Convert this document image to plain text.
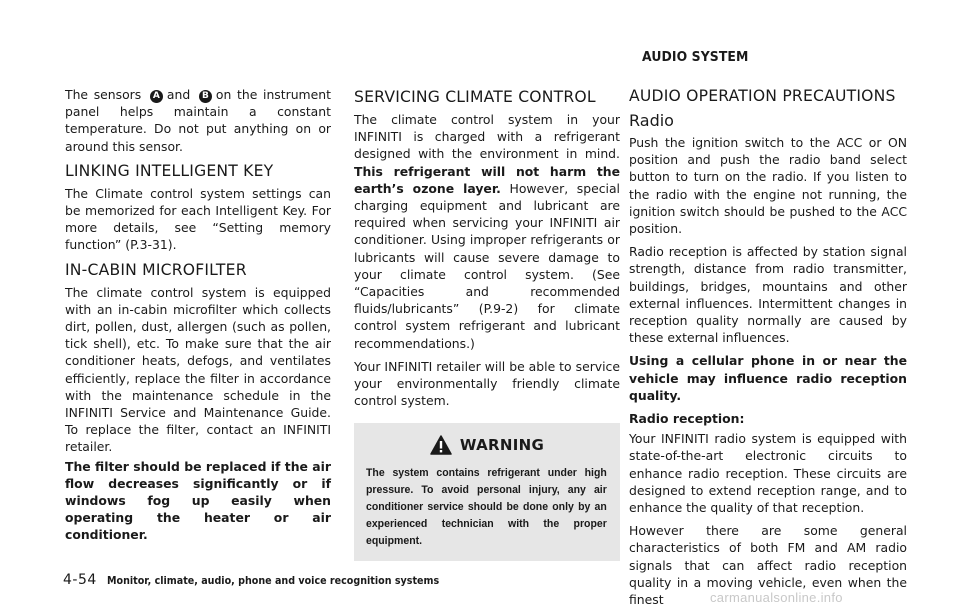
AUDIO SYSTEM

The sensors A and B on the instrument panel helps maintain a constant temperature. Do not put anything on or around this sensor.

LINKING INTELLIGENT KEY

The Climate control system settings can be memorized for each Intelligent Key. For more details, see “Setting memory function” (P.3-31).

IN-CABIN MICROFILTER

The climate control system is equipped with an in-cabin microfilter which collects dirt, pollen, dust, allergen (such as pollen, tick shell), etc. To make sure that the air conditioner heats, defogs, and ventilates efficiently, replace the filter in accordance with the maintenance schedule in the INFINITI Service and Maintenance Guide. To replace the filter, contact an INFINITI retailer.

The filter should be replaced if the air flow decreases significantly or if windows fog up easily when operating the heater or air conditioner.

SERVICING CLIMATE CONTROL

The climate control system in your INFINITI is charged with a refrigerant designed with the environment in mind. This refrigerant will not harm the earth’s ozone layer. However, special charging equipment and lubricant are required when servicing your INFINITI air conditioner. Using improper refrigerants or lubricants will cause severe damage to your climate control system. (See “Capacities and recommended fluids/lubricants” (P.9-2) for climate control system refrigerant and lubricant recommendations.)

Your INFINITI retailer will be able to service your environmentally friendly climate control system.

WARNING
The system contains refrigerant under high pressure. To avoid personal injury, any air conditioner service should be done only by an experienced technician with the proper equipment.
AUDIO OPERATION PRECAUTIONS
Radio

Push the ignition switch to the ACC or ON position and push the radio band select button to turn on the radio. If you listen to the radio with the engine not running, the ignition switch should be pushed to the ACC position.

Radio reception is affected by station signal strength, distance from radio transmitter, buildings, bridges, mountains and other external influences. Intermittent changes in reception quality normally are caused by these external influences.

Using a cellular phone in or near the vehicle may influence radio reception quality.

Radio reception:

Your INFINITI radio system is equipped with state-of-the-art electronic circuits to enhance radio reception. These circuits are designed to extend reception range, and to enhance the quality of that reception.

However there are some general characteristics of both FM and AM radio signals that can affect radio reception quality in a moving vehicle, even when the finest

4-54 Monitor, climate, audio, phone and voice recognition systems
carmanualsonline.info
